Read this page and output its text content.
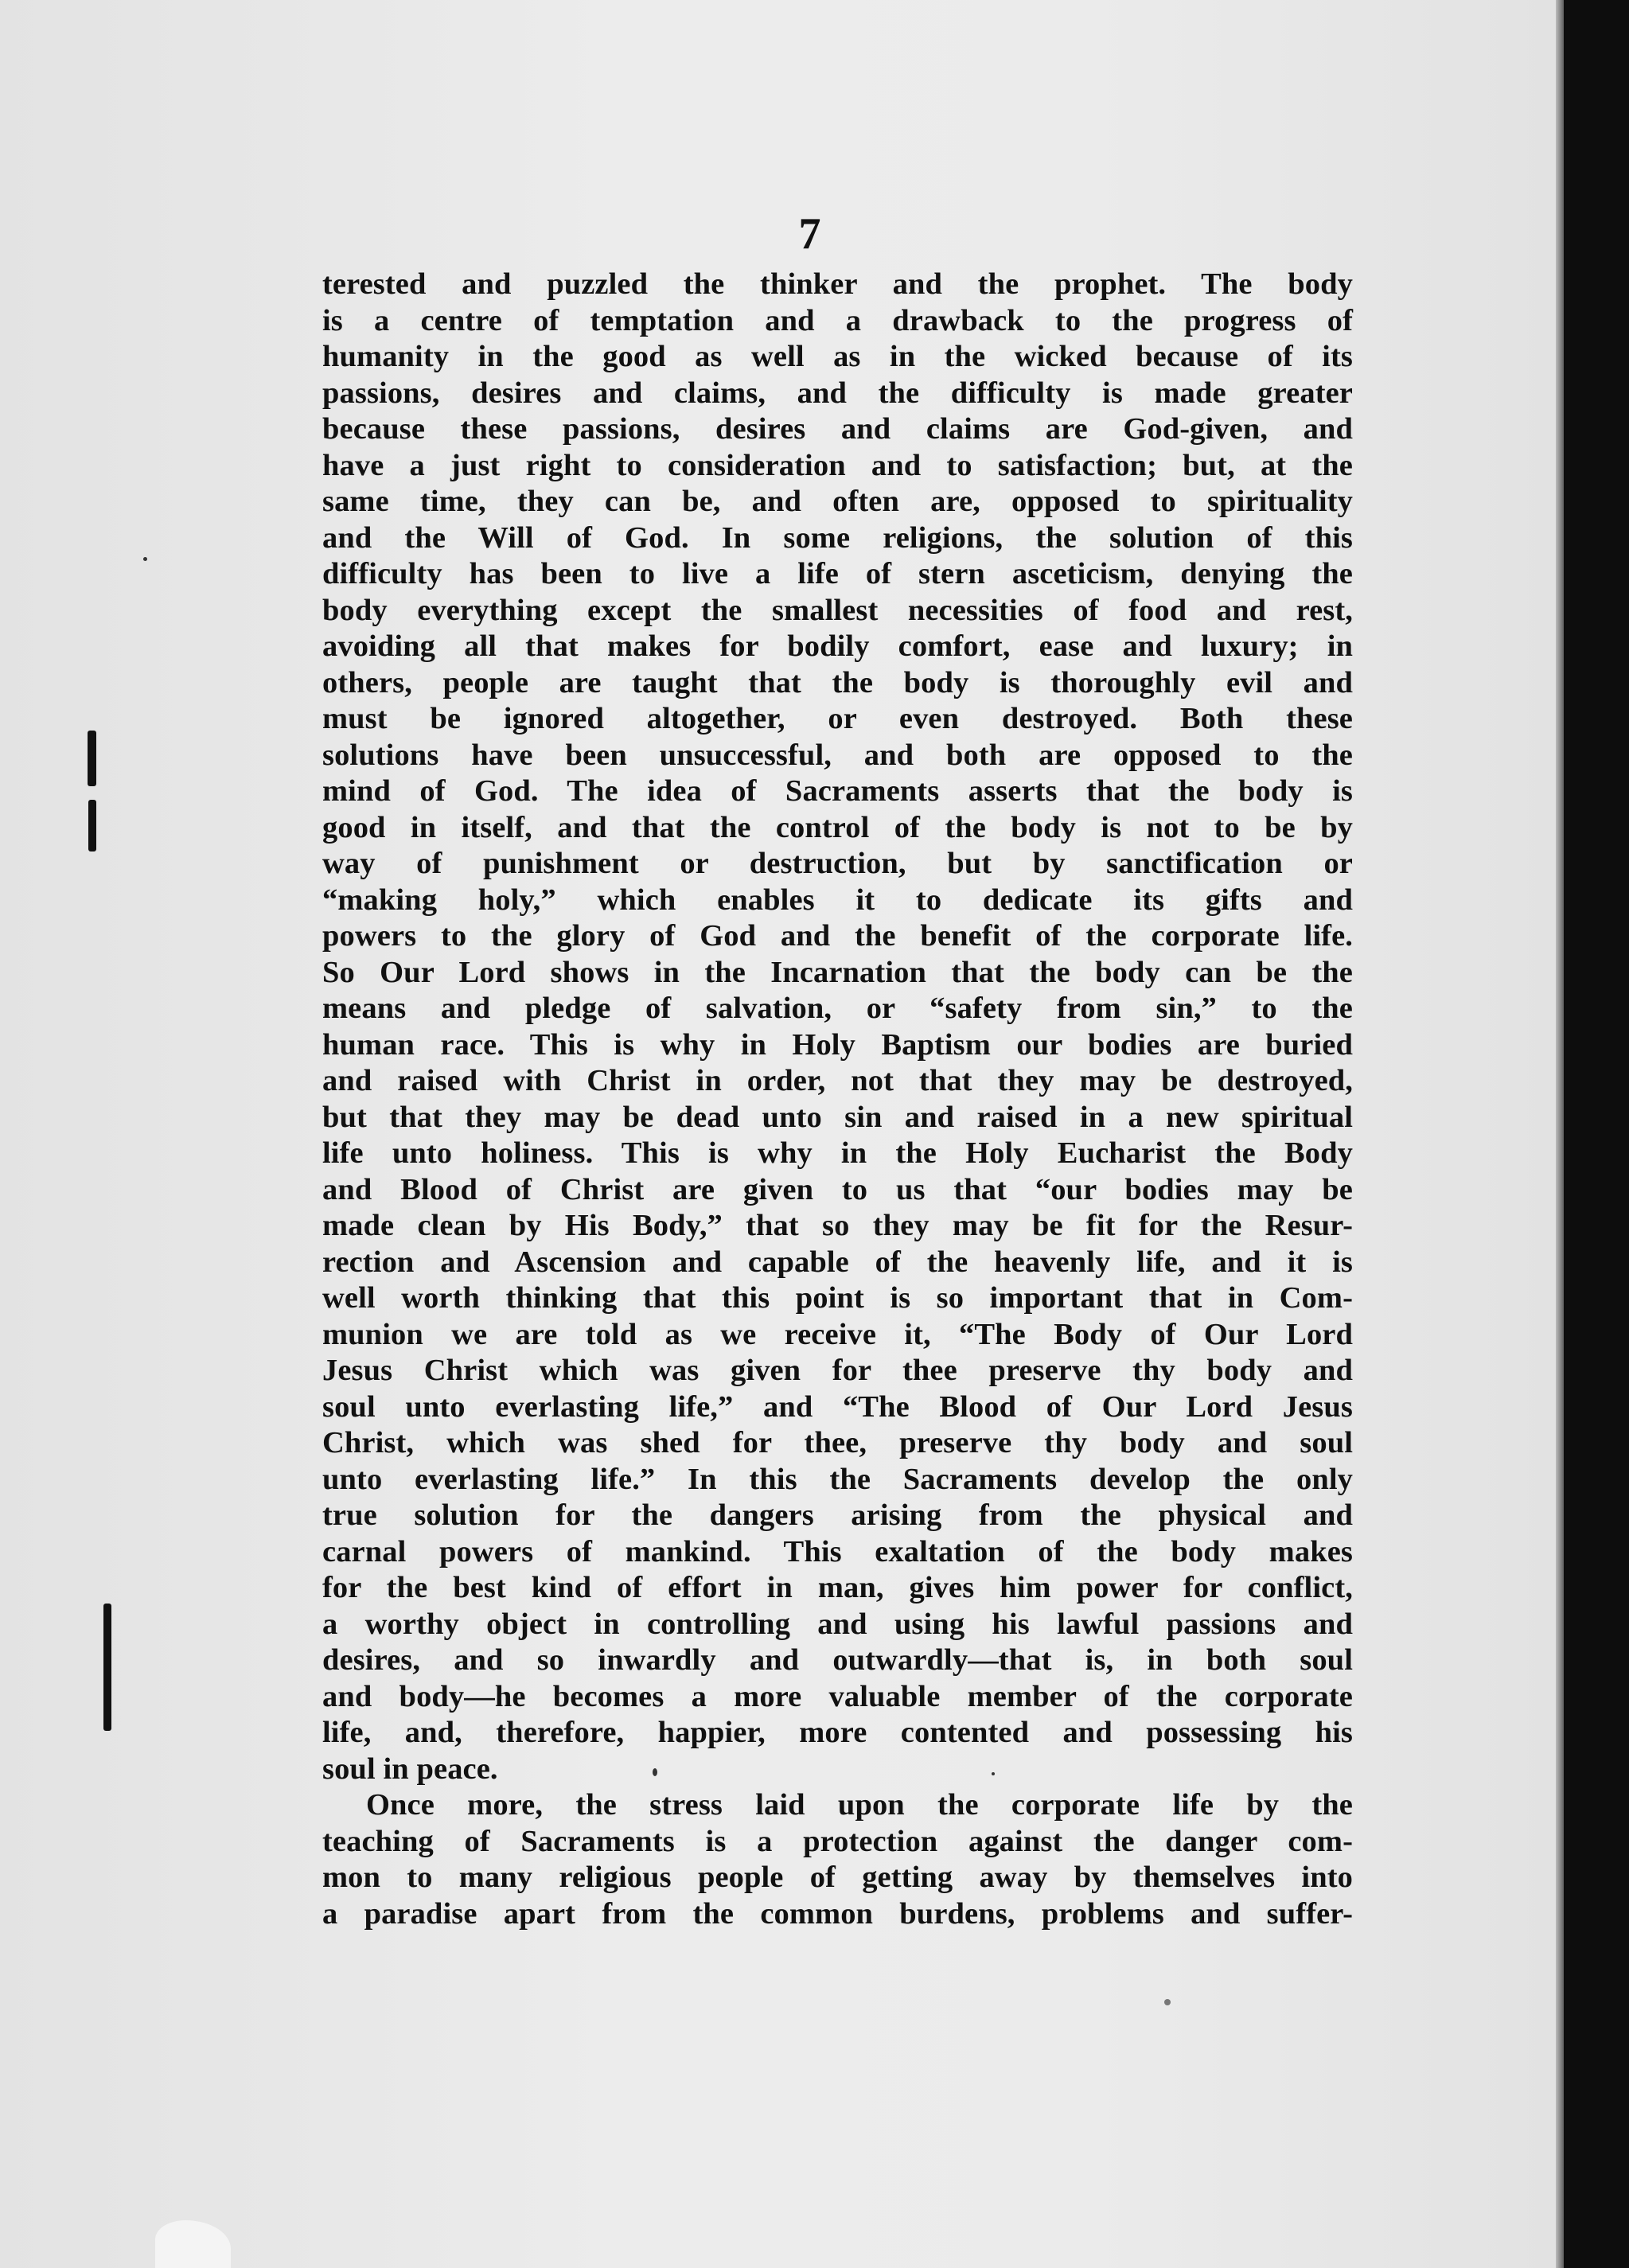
7
terested and puzzled the thinker and the prophet. The body
is a centre of temptation and a drawback to the progress of
humanity in the good as well as in the wicked because of its
passions, desires and claims, and the difficulty is made greater
because these passions, desires and claims are God-given, and
have a just right to consideration and to satisfaction; but, at the
same time, they can be, and often are, opposed to spirituality
and the Will of God. In some religions, the solution of this
difficulty has been to live a life of stern asceticism, denying the
body everything except the smallest necessities of food and rest,
avoiding all that makes for bodily comfort, ease and luxury; in
others, people are taught that the body is thoroughly evil and
must be ignored altogether, or even destroyed. Both these
solutions have been unsuccessful, and both are opposed to the
mind of God. The idea of Sacraments asserts that the body is
good in itself, and that the control of the body is not to be by
way of punishment or destruction, but by sanctification or
“making holy,” which enables it to dedicate its gifts and
powers to the glory of God and the benefit of the corporate life.
So Our Lord shows in the Incarnation that the body can be the
means and pledge of salvation, or “safety from sin,” to the
human race. This is why in Holy Baptism our bodies are buried
and raised with Christ in order, not that they may be destroyed,
but that they may be dead unto sin and raised in a new spiritual
life unto holiness. This is why in the Holy Eucharist the Body
and Blood of Christ are given to us that “our bodies may be
made clean by His Body,” that so they may be fit for the Resur-
rection and Ascension and capable of the heavenly life, and it is
well worth thinking that this point is so important that in Com-
munion we are told as we receive it, “The Body of Our Lord
Jesus Christ which was given for thee preserve thy body and
soul unto everlasting life,” and “The Blood of Our Lord Jesus
Christ, which was shed for thee, preserve thy body and soul
unto everlasting life.” In this the Sacraments develop the only
true solution for the dangers arising from the physical and
carnal powers of mankind. This exaltation of the body makes
for the best kind of effort in man, gives him power for conflict,
a worthy object in controlling and using his lawful passions and
desires, and so inwardly and outwardly—that is, in both soul
and body—he becomes a more valuable member of the corporate
life, and, therefore, happier, more contented and possessing his
soul in peace.
Once more, the stress laid upon the corporate life by the
teaching of Sacraments is a protection against the danger com-
mon to many religious people of getting away by themselves into
a paradise apart from the common burdens, problems and suffer-
